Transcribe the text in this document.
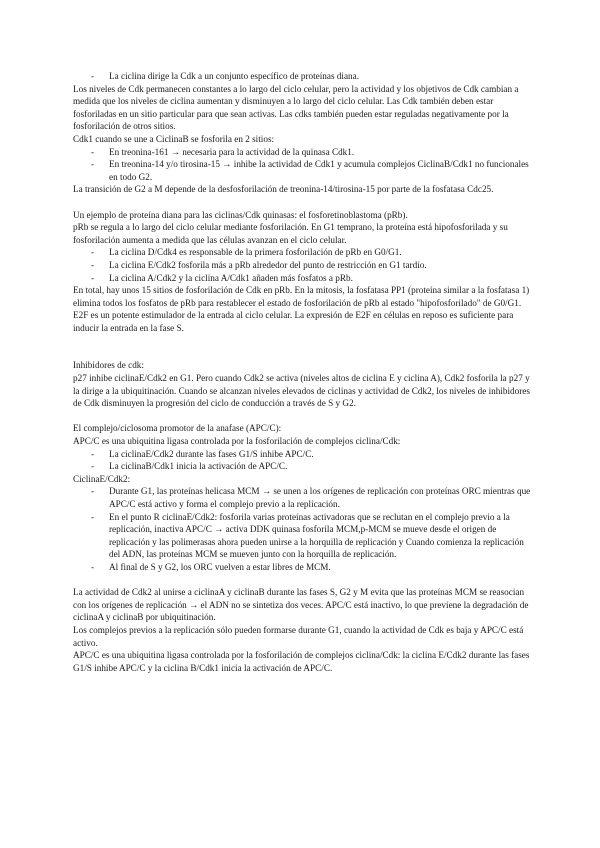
- La ciclina dirige la Cdk a un conjunto específico de proteínas diana.

Los niveles de Cdk permanecen constantes a lo largo del ciclo celular, pero la actividad y los objetivos de Cdk cambian a medida que los niveles de ciclina aumentan y disminuyen a lo largo del ciclo celular. Las Cdk también deben estar fosforiladas en un sitio particular para que sean activas. Las cdks también pueden estar reguladas negativamente por la fosforilación de otros sitios.

Cdk1 cuando se une a CiclinaB se fosforila en 2 sitios:

- En treonina-161 → necesaria para la actividad de la quinasa Cdk1.
- En treonina-14 y/o tirosina-15 → inhibe la actividad de Cdk1 y acumula complejos CiclinaB/Cdk1 no funcionales en todo G2.

La transición de G2 a M depende de la desfosforilación de treonina-14/tirosina-15 por parte de la fosfatasa Cdc25.

Un ejemplo de proteína diana para las ciclinas/Cdk quinasas: el fosforetinoblastoma (pRb).

pRb se regula a lo largo del ciclo celular mediante fosforilación. En G1 temprano, la proteína está hipofosforilada y su fosforilación aumenta a medida que las células avanzan en el ciclo celular.

- La ciclina D/Cdk4 es responsable de la primera fosforilación de pRb en G0/G1.
- La ciclina E/Cdk2 fosforila más a pRb alrededor del punto de restricción en G1 tardío.
- La ciclina A/Cdk2 y la ciclina A/Cdk1 añaden más fosfatos a pRb.

En total, hay unos 15 sitios de fosforilación de Cdk en pRb. En la mitosis, la fosfatasa PP1 (proteína similar a la fosfatasa 1) elimina todos los fosfatos de pRb para restablecer el estado de fosforilación de pRb al estado "hipofosforilado" de G0/G1. E2F es un potente estimulador de la entrada al ciclo celular. La expresión de E2F en células en reposo es suficiente para inducir la entrada en la fase S.

Inhibidores de cdk:

p27 inhibe ciclinaE/Cdk2 en G1. Pero cuando Cdk2 se activa (niveles altos de ciclina E y ciclina A), Cdk2 fosforila la p27 y la dirige a la ubiquitinación. Cuando se alcanzan niveles elevados de ciclinas y actividad de Cdk2, los niveles de inhibidores de Cdk disminuyen la progresión del ciclo de conducción a través de S y G2.

El complejo/ciclosoma promotor de la anafase (APC/C):

APC/C es una ubiquitina ligasa controlada por la fosforilación de complejos ciclina/Cdk:

- La ciclinaE/Cdk2 durante las fases G1/S inhibe APC/C.
- La ciclinaB/Cdk1 inicia la activación de APC/C.

CiclinaE/Cdk2:

- Durante G1, las proteínas helicasa MCM → se unen a los orígenes de replicación con proteínas ORC mientras que APC/C está activo y forma el complejo previo a la replicación.
- En el punto R ciclinaE/Cdk2: fosforila varias proteínas activadoras que se reclutan en el complejo previo a la replicación, inactiva APC/C → activa DDK quinasa fosforila MCM,p-MCM se mueve desde el origen de replicación y las polimerasas ahora pueden unirse a la horquilla de replicación y Cuando comienza la replicación del ADN, las proteínas MCM se mueven junto con la horquilla de replicación.
- Al final de S y G2, los ORC vuelven a estar libres de MCM.

La actividad de Cdk2 al unirse a ciclinaA y ciclinaB durante las fases S, G2 y M evita que las proteínas MCM se reasocian con los orígenes de replicación → el ADN no se sintetiza dos veces. APC/C está inactivo, lo que previene la degradación de ciclinaA y ciclinaB por ubiquitinación.

Los complejos previos a la replicación sólo pueden formarse durante G1, cuando la actividad de Cdk es baja y APC/C está activo.

APC/C es una ubiquitina ligasa controlada por la fosforilación de complejos ciclina/Cdk: la ciclina E/Cdk2 durante las fases G1/S inhibe APC/C y la ciclina B/Cdk1 inicia la activación de APC/C.
